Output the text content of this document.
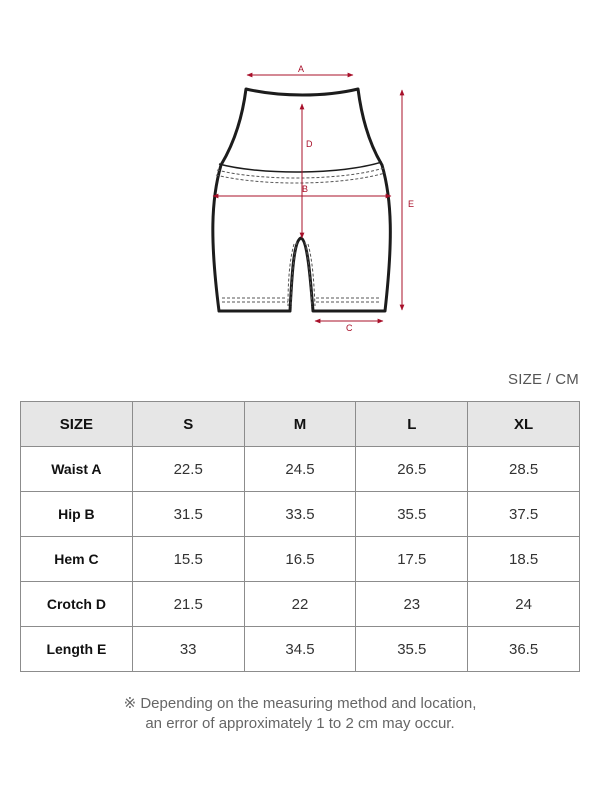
A
B
C
D
E
SIZE / CM
SIZE	S	M	L	XL
Waist A	22.5	24.5	26.5	28.5
Hip B	31.5	33.5	35.5	37.5
Hem C	15.5	16.5	17.5	18.5
Crotch D	21.5	22	23	24
Length E	33	34.5	35.5	36.5
※ Depending on the measuring method and location,
an error of approximately 1 to 2 cm may occur.
